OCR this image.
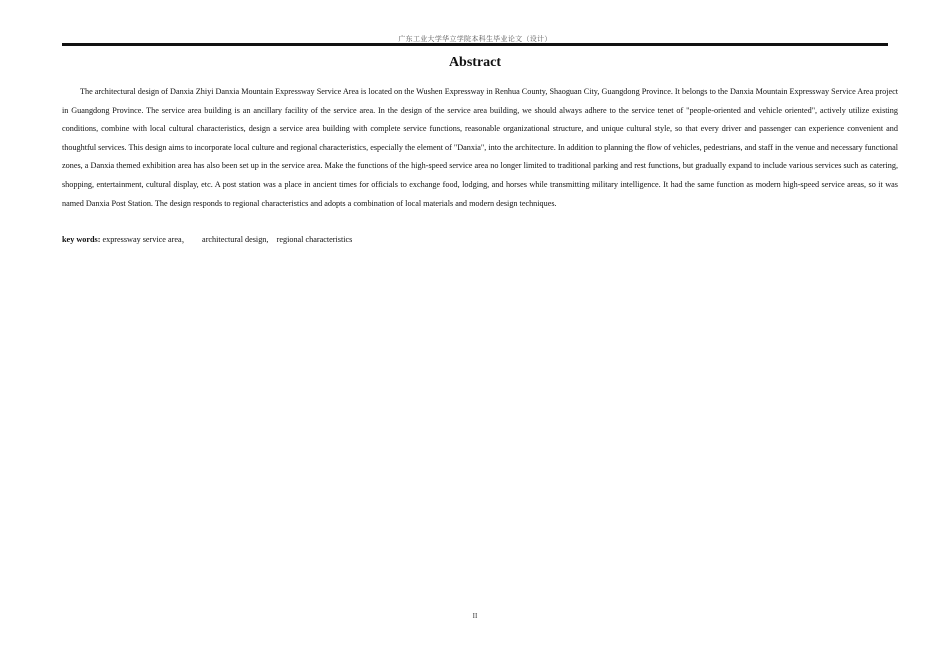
广东工业大学华立学院本科生毕业论文（设计）
Abstract

The architectural design of Danxia Zhiyi Danxia Mountain Expressway Service Area is located on the Wushen Expressway in Renhua County, Shaoguan City, Guangdong Province. It belongs to the Danxia Mountain Expressway Service Area project in Guangdong Province. The service area building is an ancillary facility of the service area. In the design of the service area building, we should always adhere to the service tenet of "people-oriented and vehicle oriented", actively utilize existing conditions, combine with local cultural characteristics, design a service area building with complete service functions, reasonable organizational structure, and unique cultural style, so that every driver and passenger can experience convenient and thoughtful services. This design aims to incorporate local culture and regional characteristics, especially the element of "Danxia", into the architecture. In addition to planning the flow of vehicles, pedestrians, and staff in the venue and necessary functional zones, a Danxia themed exhibition area has also been set up in the service area. Make the functions of the high-speed service area no longer limited to traditional parking and rest functions, but gradually expand to include various services such as catering, shopping, entertainment, cultural display, etc. A post station was a place in ancient times for officials to exchange food, lodging, and horses while transmitting military intelligence. It had the same function as modern high-speed service areas, so it was named Danxia Post Station. The design responds to regional characteristics and adopts a combination of local materials and modern design techniques.

key words: expressway service area，      architectural design,    regional characteristics
II
